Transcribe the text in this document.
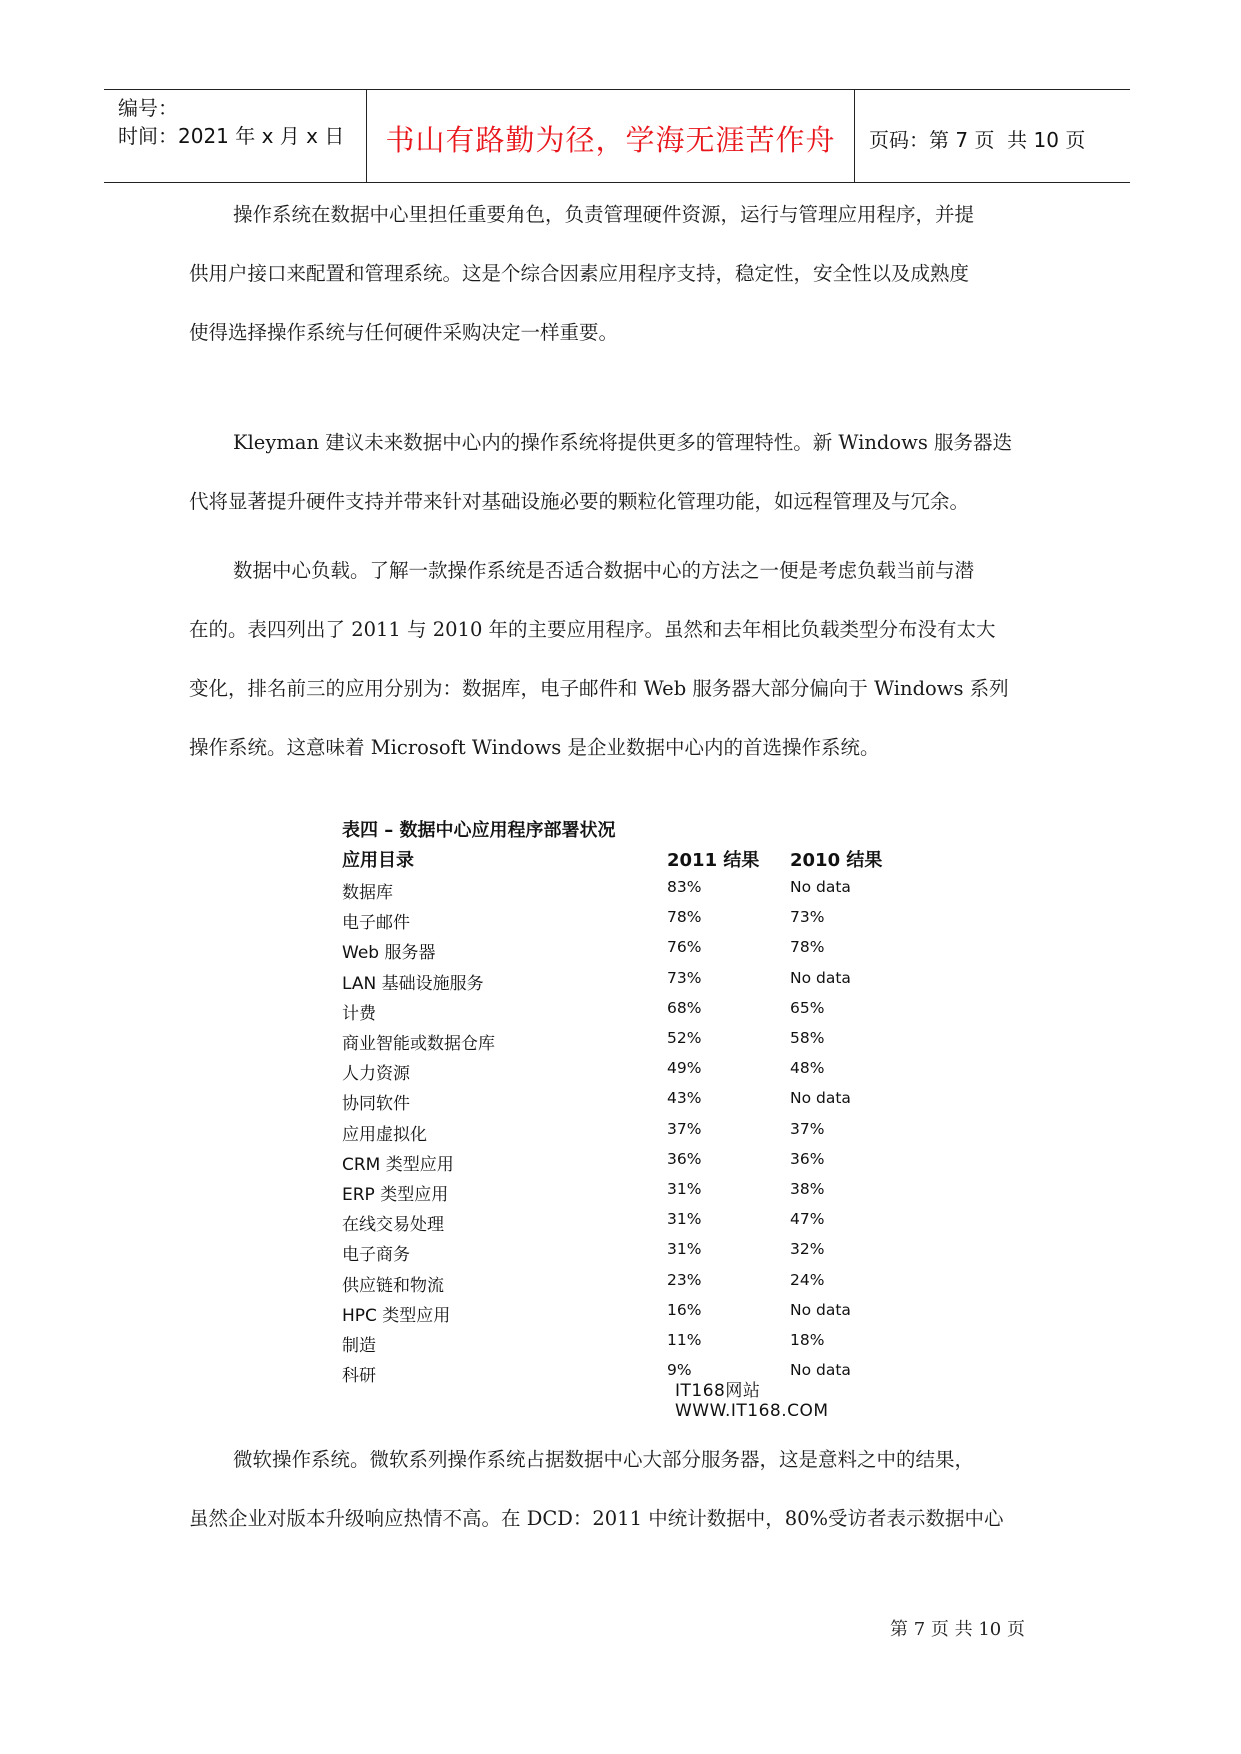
编号：
时间：2021 年 x 月 x 日	书山有路勤为径，学海无涯苦作舟 页码：第 7 页  共 10 页
操作系统在数据中心里担任重要角色，负责管理硬件资源，运行与管理应用程序，并提
供用户接口来配置和管理系统。这是个综合因素应用程序支持，稳定性，安全性以及成熟度
使得选择操作系统与任何硬件采购决定一样重要。
Kleyman 建议未来数据中心内的操作系统将提供更多的管理特性。新 Windows 服务器迭
代将显著提升硬件支持并带来针对基础设施必要的颗粒化管理功能，如远程管理及与冗余。
数据中心负载。了解一款操作系统是否适合数据中心的方法之一便是考虑负载当前与潜
在的。表四列出了 2011 与 2010 年的主要应用程序。虽然和去年相比负载类型分布没有太大
变化，排名前三的应用分别为：数据库，电子邮件和 Web 服务器大部分偏向于 Windows 系列
操作系统。这意味着 Microsoft Windows 是企业数据中心内的首选操作系统。
表四 – 数据中心应用程序部署状况
应用目录	2011 结果 2010 结果
数据库	83%	No data
电子邮件	78%	73%
Web 服务器	76%	78%
LAN 基础设施服务	73%	No data
计费	68%	65%
商业智能或数据仓库	52%	58%
人力资源	49%	48%
协同软件	43%	No data
应用虚拟化	37%	37%
CRM 类型应用	36%	36%
ERP 类型应用	31%	38%
在线交易处理	31%	47%
电子商务	31%	32%
供应链和物流	23%	24%
HPC 类型应用	16%	No data
制造	11%	18%
科研	9%	No data
IT168网站 WWW.IT168.COM
微软操作系统。微软系列操作系统占据数据中心大部分服务器，这是意料之中的结果，
虽然企业对版本升级响应热情不高。在 DCD：2011 中统计数据中，80%受访者表示数据中心
第 7 页 共 10 页
